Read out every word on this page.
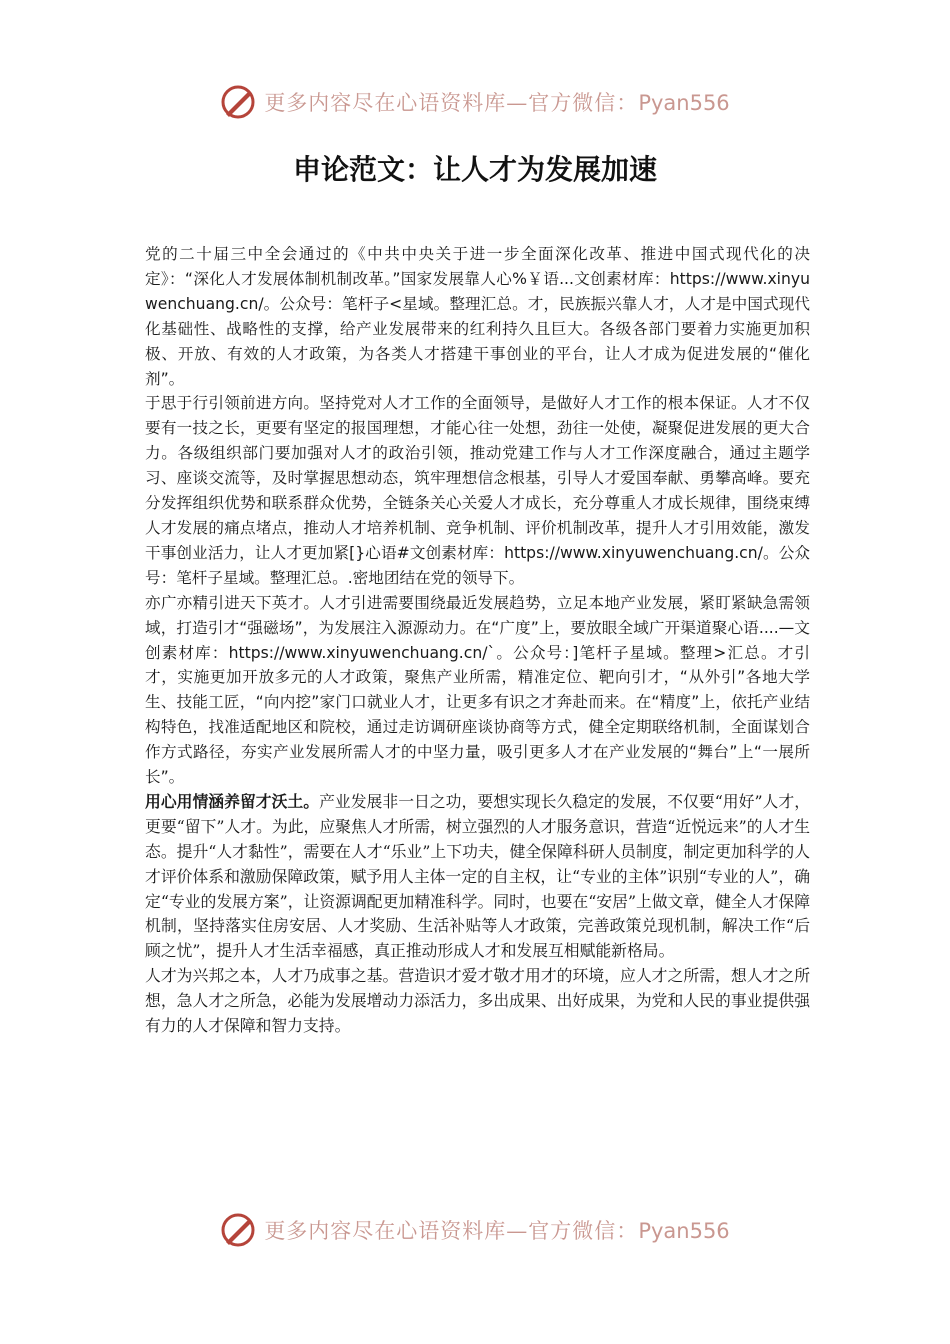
更多内容尽在心语资料库—官方微信：Pyan556
申论范文：让人才为发展加速

党的二十届三中全会通过的《中共中央关于进一步全面深化改革、推进中国式现代化的决定》：“深化人才发展体制机制改革。”国家发展靠人心%￥语...文创素材库：https://www.xinyuwenchuang.cn/。公众号：笔杆子<星域。整理汇总。才，民族振兴靠人才，人才是中国式现代化基础性、战略性的支撑，给产业发展带来的红利持久且巨大。各级各部门要着力实施更加积极、开放、有效的人才政策，为各类人才搭建干事创业的平台，让人才成为促进发展的“催化剂”。

于思于行引领前进方向。坚持党对人才工作的全面领导，是做好人才工作的根本保证。人才不仅要有一技之长，更要有坚定的报国理想，才能心往一处想，劲往一处使，凝聚促进发展的更大合力。各级组织部门要加强对人才的政治引领，推动党建工作与人才工作深度融合，通过主题学习、座谈交流等，及时掌握思想动态，筑牢理想信念根基，引导人才爱国奉献、勇攀高峰。要充分发挥组织优势和联系群众优势，全链条关心关爱人才成长，充分尊重人才成长规律，围绕束缚人才发展的痛点堵点，推动人才培养机制、竞争机制、评价机制改革，提升人才引用效能，激发干事创业活力，让人才更加紧[}心语#文创素材库：https://www.xinyuwenchuang.cn/。公众号：笔杆子星域。整理汇总。.密地团结在党的领导下。

亦广亦精引进天下英才。人才引进需要围绕最近发展趋势，立足本地产业发展，紧盯紧缺急需领域，打造引才“强磁场”，为发展注入源源动力。在“广度”上，要放眼全域广开渠道聚心语....—文创素材库：https://www.xinyuwenchuang.cn/`。公众号：]笔杆子星域。整理>汇总。才引才，实施更加开放多元的人才政策，聚焦产业所需，精准定位、靶向引才，“从外引”各地大学生、技能工匠，“向内挖”家门口就业人才，让更多有识之才奔赴而来。在“精度”上，依托产业结构特色，找准适配地区和院校，通过走访调研座谈协商等方式，健全定期联络机制，全面谋划合作方式路径，夯实产业发展所需人才的中坚力量，吸引更多人才在产业发展的“舞台”上“一展所长”。

用心用情涵养留才沃土。产业发展非一日之功，要想实现长久稳定的发展，不仅要“用好”人才，更要“留下”人才。为此，应聚焦人才所需，树立强烈的人才服务意识，营造“近悦远来”的人才生态。提升“人才黏性”，需要在人才“乐业”上下功夫，健全保障科研人员制度，制定更加科学的人才评价体系和激励保障政策，赋予用人主体一定的自主权，让“专业的主体”识别“专业的人”，确定“专业的发展方案”，让资源调配更加精准科学。同时，也要在“安居”上做文章，健全人才保障机制，坚持落实住房安居、人才奖励、生活补贴等人才政策，完善政策兑现机制，解决工作“后顾之忧”，提升人才生活幸福感，真正推动形成人才和发展互相赋能新格局。

人才为兴邦之本，人才乃成事之基。营造识才爱才敬才用才的环境，应人才之所需，想人才之所想，急人才之所急，必能为发展增动力添活力，多出成果、出好成果，为党和人民的事业提供强有力的人才保障和智力支持。

更多内容尽在心语资料库—官方微信：Pyan556
